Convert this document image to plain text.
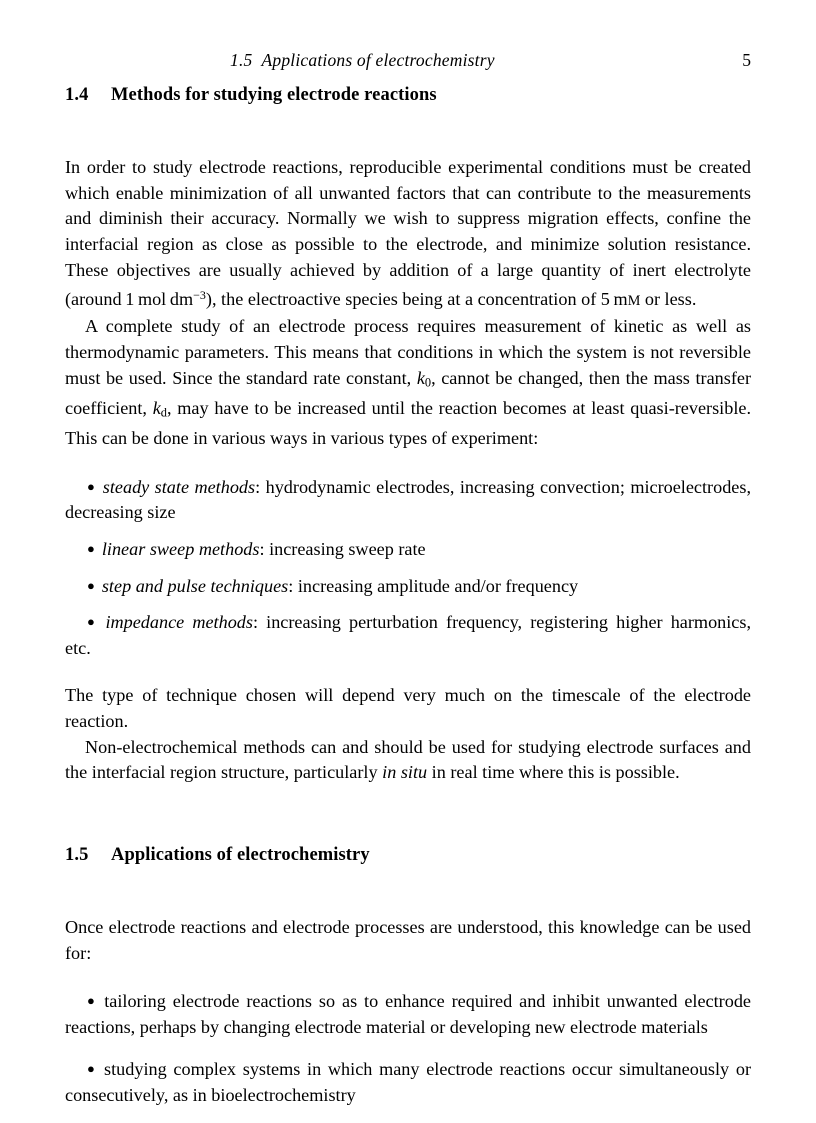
1.5 Applications of electrochemistry	5
1.4 Methods for studying electrode reactions

In order to study electrode reactions, reproducible experimental conditions must be created which enable minimization of all unwanted factors that can contribute to the measurements and diminish their accuracy. Normally we wish to suppress migration effects, confine the interfacial region as close as possible to the electrode, and minimize solution resistance. These objectives are usually achieved by addition of a large quantity of inert electrolyte (around 1 mol $dm^{-3}$), the electroactive species being at a concentration of 5 mM or less.

A complete study of an electrode process requires measurement of kinetic as well as thermodynamic parameters. This means that conditions in which the system is not reversible must be used. Since the standard rate constant, $k_0$, cannot be changed, then the mass transfer coefficient, $k_d$, may have to be increased until the reaction becomes at least quasi-reversible. This can be done in various ways in various types of experiment:

● steady state methods: hydrodynamic electrodes, increasing convection; microelectrodes, decreasing size

● linear sweep methods: increasing sweep rate

● step and pulse techniques: increasing amplitude and/or frequency

● impedance methods: increasing perturbation frequency, registering higher harmonics, etc.

The type of technique chosen will depend very much on the timescale of the electrode reaction.

Non-electrochemical methods can and should be used for studying electrode surfaces and the interfacial region structure, particularly in situ in real time where this is possible.

1.5 Applications of electrochemistry

Once electrode reactions and electrode processes are understood, this knowledge can be used for:

● tailoring electrode reactions so as to enhance required and inhibit unwanted electrode reactions, perhaps by changing electrode material or developing new electrode materials

● studying complex systems in which many electrode reactions occur simultaneously or consecutively, as in bioelectrochemistry
